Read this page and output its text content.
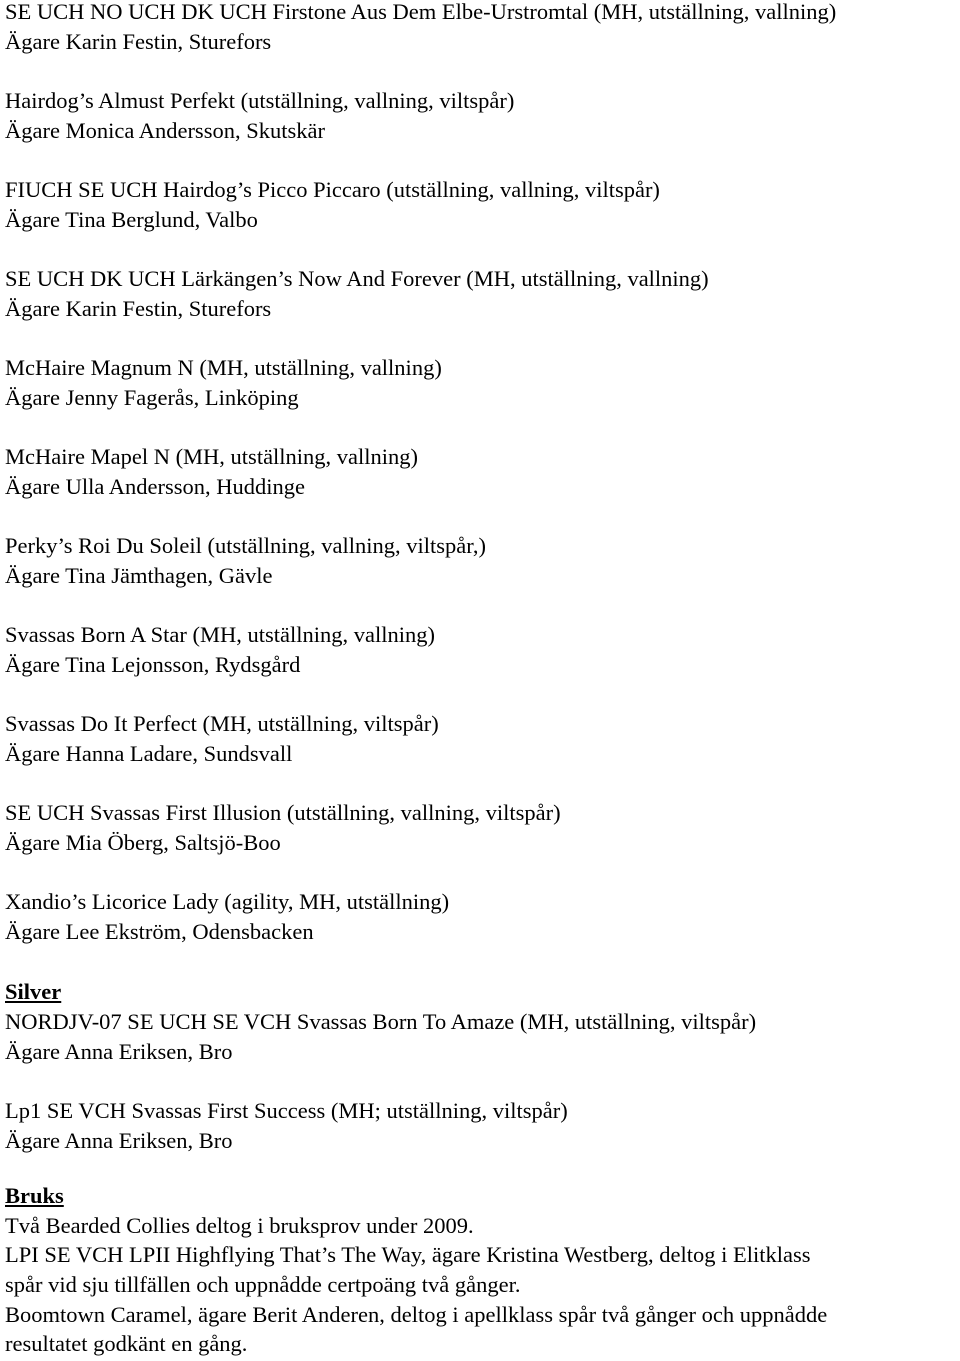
SE UCH NO UCH DK UCH Firstone Aus Dem Elbe-Urstromtal (MH, utställning, vallning)
Ägare Karin Festin, Sturefors
Hairdog’s Almust Perfekt (utställning, vallning, viltspår)
Ägare Monica Andersson, Skutskär
FIUCH SE UCH Hairdog’s Picco Piccaro (utställning, vallning, viltspår)
Ägare Tina Berglund, Valbo
SE UCH DK UCH Lärkängen’s Now And Forever (MH, utställning, vallning)
Ägare Karin Festin, Sturefors
McHaire Magnum N (MH, utställning, vallning)
Ägare Jenny Fagerås, Linköping
McHaire Mapel N (MH, utställning, vallning)
Ägare Ulla Andersson, Huddinge
Perky’s Roi Du Soleil (utställning, vallning, viltspår,)
Ägare Tina Jämthagen, Gävle
Svassas Born A Star (MH, utställning, vallning)
Ägare Tina Lejonsson, Rydsgård
Svassas Do It Perfect (MH, utställning, viltspår)
Ägare Hanna Ladare, Sundsvall
SE UCH Svassas First Illusion (utställning, vallning, viltspår)
Ägare Mia Öberg, Saltsjö-Boo
Xandio’s Licorice Lady (agility, MH, utställning)
Ägare Lee Ekström, Odensbacken
Silver
NORDJV-07 SE UCH SE VCH Svassas Born To Amaze (MH, utställning, viltspår)
Ägare Anna Eriksen, Bro
Lp1 SE VCH Svassas First Success (MH; utställning, viltspår)
Ägare Anna Eriksen, Bro
Bruks
Två Bearded Collies deltog i bruksprov under 2009.
LPI SE VCH LPII Highflying That’s The Way, ägare Kristina Westberg, deltog i Elitklass
spår vid sju tillfällen och uppnådde certpoäng två gånger.
Boomtown Caramel, ägare Berit Anderen, deltog i apellklass spår två gånger och uppnådde
resultatet godkänt en gång.
